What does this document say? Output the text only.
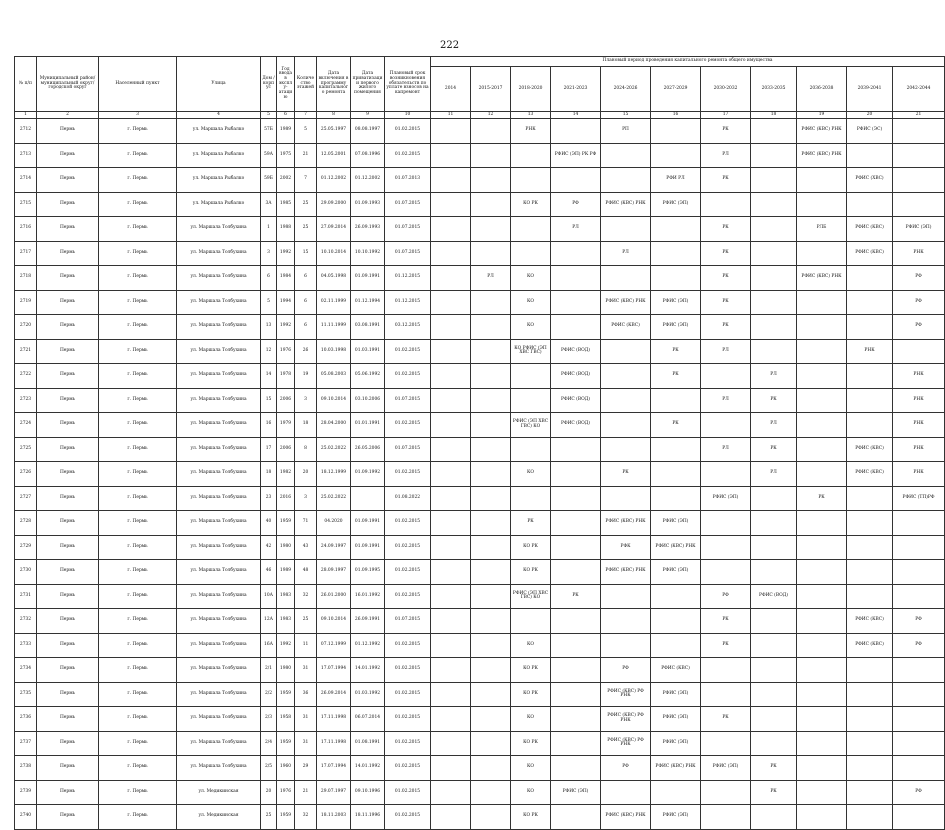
222
№ п/п	Муниципальный район/ муниципальный округ/городской округ	Населенный пункт	Улица	Дом / корпус	Год ввода в эксплу-атацию	Количество этажей	Дата включения в программу капитального ремонта	Дата приватизации первого жилого помещения	Плановый срок возникновения обязательств по уплате взносов на капремонт	Плановый период проведения капитального ремонта общего имущества										
										2014	2015-2017	2018-2020	2021-2023	2024-2026	2027-2029	2030-2032	2033-2035	2036-2038	2039-2041	2042-2044
1	2	3	4	5	6	7	8	9	10	11	12	13	14	15	16	17	18	19	20	21
2712	Пермь	г. Пермь	ул. Маршала Рыбалко	57Б	1989	5	25.05.1997	08.08.1997	01.02.2015			РНК		РП		РК		РФИС (КВС) РНК	РФИС (ЭС)	
2713	Пермь	г. Пермь	ул. Маршала Рыбалко	59А	1975	21	12.05.2001	07.08.1996	01.02.2015				РФИС (ЭП) РК РФ			РЛ		РФИС (КВС) РНК		
2714	Пермь	г. Пермь	ул. Маршала Рыбалко	59Б	2002	7	01.12.2002	01.12.2002	01.07.2013						РФИ РЛ	РК			РФИС (ХВС)	
2715	Пермь	г. Пермь	ул. Маршала Рыбалко	3А	1985	25	29.09.2000	01.09.1993	01.07.2015			КО РК	РФ	РФИС (КВС) РНК	РФИС (ЭП)					
2716	Пермь	г. Пермь	ул. Маршала Толбухина	1	1988	25	27.09.2014	26.09.1993	01.07.2015				РЛ			РК		РЛБ	РФИС (КВС)	РФИС (ЭП)
2717	Пермь	г. Пермь	ул. Маршала Толбухина	3	1992	15	10.10.2014	10.10.1992	01.07.2015					РЛ		РК			РФИС (КВС)	РНК
2718	Пермь	г. Пермь	ул. Маршала Толбухина	6	1984	6	04.05.1998	01.09.1991	01.12.2015		РЛ	КО				РК		РФИС (КВС) РНК		РФ
2719	Пермь	г. Пермь	ул. Маршала Толбухина	5	1994	6	02.11.1999	01.12.1994	01.12.2015			КО		РФИС (КВС) РНК	РФИС (ЭП)	РК				РФ
2720	Пермь	г. Пермь	ул. Маршала Толбухина	13	1992	6	11.11.1999	03.08.1991	03.12.2015			КО		РФИС (КВС)	РФИС (ЭП)	РК				РФ
2721	Пермь	г. Пермь	ул. Маршала Толбухина	12	1976	26	10.03.1998	01.03.1991	01.02.2015			КО РФИС (ЭП ХВС ГВС)	РФИС (ВОД)		РК	РЛ			РНК	
2722	Пермь	г. Пермь	ул. Маршала Толбухина	14	1978	19	05.08.2003	05.06.1992	01.02.2015				РФИС (ВОД)		РК		РЛ			РНК
2723	Пермь	г. Пермь	ул. Маршала Толбухина	15	2006	3	09.10.2014	03.10.2006	01.07.2015				РФИС (ВОД)			РЛ	РК			РНК
2724	Пермь	г. Пермь	ул. Маршала Толбухина	16	1979	18	28.04.2000	01.01.1991	01.02.2015			РФИС (ЭП ХВС ГВС) КО	РФИС (ВОД)		РК		РЛ			РНК
2725	Пермь	г. Пермь	ул. Маршала Толбухина	17	2006	8	25.02.2022	26.05.2006	01.07.2015							РЛ	РК		РФИС (КВС)	РНК
2726	Пермь	г. Пермь	ул. Маршала Толбухина	18	1982	20	18.12.1999	01.09.1992	01.02.2015			КО		РК			РЛ		РФИС (КВС)	РНК
2727	Пермь	г. Пермь	ул. Маршала Толбухина	23	2016	3	25.02.2022		01.08.2022							РФИС (ЭП)		РК		РФИС (ТП)РФ
2728	Пермь	г. Пермь	ул. Маршала Толбухина	40	1959	71	04.2020	01.09.1991	01.02.2015			РК		РФИС (КВС) РНК	РФИС (ЭП)					
2729	Пермь	г. Пермь	ул. Маршала Толбухина	42	1980	43	24.09.1997	01.09.1991	01.02.2015			КО РК		РФК	РФИС (КВС) РНК					
2730	Пермь	г. Пермь	ул. Маршала Толбухина	46	1989	48	28.09.1997	01.09.1995	01.02.2015			КО РК		РФИС (КВС) РНК	РФИС (ЭП)					
2731	Пермь	г. Пермь	ул. Маршала Толбухина	10А	1983	32	26.01.2000	16.01.1992	01.02.2015			РФИС (ЭП ХВС ГВС) КО	РК			РФ	РФИС (ВОД)			
2732	Пермь	г. Пермь	ул. Маршала Толбухина	12А	1983	25	09.10.2014	26.09.1991	01.07.2015							РК			РФИС (КВС)	РФ
2733	Пермь	г. Пермь	ул. Маршала Толбухина	16А	1992	11	07.12.1999	01.12.1992	01.02.2015			КО				РК			РФИС (КВС)	РФ
2734	Пермь	г. Пермь	ул. Маршала Толбухина	2/1	1980	31	17.07.1994	14.01.1992	01.02.2015			КО РК		РФ	РФИС (КВС)					
2735	Пермь	г. Пермь	ул. Маршала Толбухина	2/2	1959	36	26.09.2014	01.03.1992	01.02.2015			КО РК		РФИС (КВС) РФ РНК	РФИС (ЭП)					
2736	Пермь	г. Пермь	ул. Маршала Толбухина	2/3	1958	31	17.11.1998	06.07.2014	01.02.2015			КО		РФИС (КВС) РФ РНК	РФИС (ЭП)	РК				
2737	Пермь	г. Пермь	ул. Маршала Толбухина	2/4	1959	31	17.11.1998	01.08.1991	01.02.2015			КО РК		РФИС (КВС) РФ РНК	РФИС (ЭП)					
2738	Пермь	г. Пермь	ул. Маршала Толбухина	2/5	1960	29	17.07.1994	14.01.1992	01.02.2015			КО		РФ	РФИС (КВС) РНК	РФИС (ЭП)	РК			
2739	Пермь	г. Пермь	ул. Медикинская	20	1976	21	29.07.1997	09.10.1996	01.02.2015			КО	РФИС (ЭП)				РК			РФ
2740	Пермь	г. Пермь	ул. Медикинская	25	1959	32	18.11.2003	18.11.1996	01.02.2015			КО РК		РФИС (КВС) РНК	РФИС (ЭП)					
